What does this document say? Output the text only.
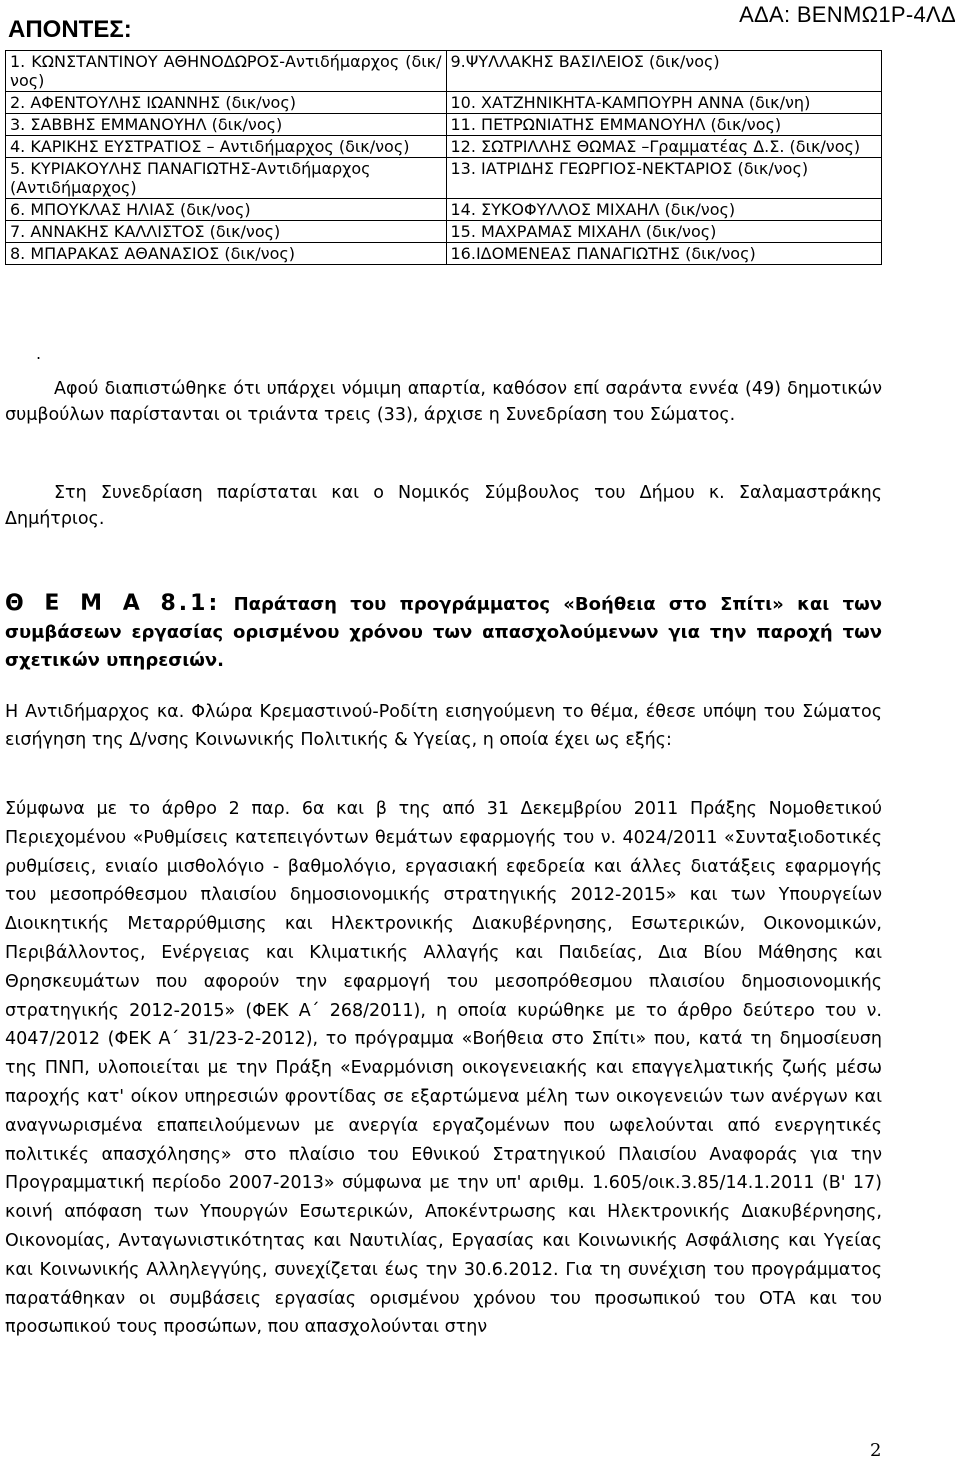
ΑΔΑ: ΒΕΝΜΩ1Ρ-4ΛΔ
ΑΠΟΝΤΕΣ:
1. ΚΩΝΣΤΑΝΤΙΝΟΥ ΑΘΗΝΟΔΩΡΟΣ-Αντιδήμαρχος (δικ/νος)	9.ΨΥΛΛΑΚΗΣ ΒΑΣΙΛΕΙΟΣ (δικ/νος)
2. ΑΦΕΝΤΟΥΛΗΣ ΙΩΑΝΝΗΣ (δικ/νος)	10. ΧΑΤΖΗΝΙΚΗΤΑ-ΚΑΜΠΟΥΡΗ ΑΝΝΑ (δικ/νη)
3. ΣΑΒΒΗΣ ΕΜΜΑΝΟΥΗΛ (δικ/νος)	11. ΠΕΤΡΩΝΙΑΤΗΣ ΕΜΜΑΝΟΥΗΛ (δικ/νος)
4. ΚΑΡΙΚΗΣ ΕΥΣΤΡΑΤΙΟΣ – Αντιδήμαρχος (δικ/νος)	12. ΣΩΤΡΙΛΛΗΣ ΘΩΜΑΣ –Γραμματέας Δ.Σ. (δικ/νος)
5. ΚΥΡΙΑΚΟΥΛΗΣ ΠΑΝΑΓΙΩΤΗΣ-Αντιδήμαρχος (Αντιδήμαρχος)	13. ΙΑΤΡΙΔΗΣ ΓΕΩΡΓΙΟΣ-ΝΕΚΤΑΡΙΟΣ (δικ/νος)
6. ΜΠΟΥΚΛΑΣ ΗΛΙΑΣ (δικ/νος)	14. ΣΥΚΟΦΥΛΛΟΣ ΜΙΧΑΗΛ (δικ/νος)
7. ΑΝΝΑΚΗΣ ΚΑΛΛΙΣΤΟΣ (δικ/νος)	15. ΜΑΧΡΑΜΑΣ ΜΙΧΑΗΛ (δικ/νος)
8. ΜΠΑΡΑΚΑΣ ΑΘΑΝΑΣΙΟΣ (δικ/νος)	16.ΙΔΟΜΕΝΕΑΣ ΠΑΝΑΓΙΩΤΗΣ (δικ/νος)
.
Αφού διαπιστώθηκε ότι υπάρχει νόμιμη απαρτία, καθόσον επί σαράντα εννέα (49) δημοτικών συμβούλων παρίστανται οι τριάντα τρεις (33), άρχισε η Συνεδρίαση του Σώματος.
Στη Συνεδρίαση παρίσταται και ο Νομικός Σύμβουλος του Δήμου κ. Σαλαμαστράκης Δημήτριος.
Θ Ε Μ Α 8.1: Παράταση του προγράμματος «Βοήθεια στο Σπίτι» και των συμβάσεων εργασίας ορισμένου χρόνου των απασχολούμενων για την παροχή των σχετικών υπηρεσιών.
Η Αντιδήμαρχος κα. Φλώρα Κρεμαστινού-Ροδίτη εισηγούμενη το θέμα, έθεσε υπόψη του Σώματος εισήγηση της Δ/νσης Κοινωνικής Πολιτικής & Υγείας, η οποία έχει ως εξής:
Σύμφωνα με το άρθρο 2 παρ. 6α και β της από 31 Δεκεμβρίου 2011 Πράξης Νομοθετικού Περιεχομένου «Ρυθμίσεις κατεπειγόντων θεμάτων εφαρμογής του ν. 4024/2011 «Συνταξιοδοτικές ρυθμίσεις, ενιαίο μισθολόγιο - βαθμολόγιο, εργασιακή εφεδρεία και άλλες διατάξεις εφαρμογής του μεσοπρόθεσμου πλαισίου δημοσιονομικής στρατηγικής 2012-2015» και των Υπουργείων Διοικητικής Μεταρρύθμισης και Ηλεκτρονικής Διακυβέρνησης, Εσωτερικών, Οικονομικών, Περιβάλλοντος, Ενέργειας και Κλιματικής Αλλαγής και Παιδείας, Δια Βίου Μάθησης και Θρησκευμάτων που αφορούν την εφαρμογή του μεσοπρόθεσμου πλαισίου δημοσιονομικής στρατηγικής 2012-2015» (ΦΕΚ Α΄ 268/2011), η οποία κυρώθηκε με το άρθρο δεύτερο του ν. 4047/2012 (ΦΕΚ Α΄ 31/23-2-2012), το πρόγραμμα «Βοήθεια στο Σπίτι» που, κατά τη δημοσίευση της ΠΝΠ, υλοποιείται με την Πράξη «Εναρμόνιση οικογενειακής και επαγγελματικής ζωής μέσω παροχής κατ' οίκον υπηρεσιών φροντίδας σε εξαρτώμενα μέλη των οικογενειών των ανέργων και αναγνωρισμένα επαπειλούμενων με ανεργία εργαζομένων που ωφελούνται από ενεργητικές πολιτικές απασχόλησης» στο πλαίσιο του Εθνικού Στρατηγικού Πλαισίου Αναφοράς για την Προγραμματική περίοδο 2007-2013» σύμφωνα με την υπ' αριθμ. 1.605/οικ.3.85/14.1.2011 (Β' 17) κοινή απόφαση των Υπουργών Εσωτερικών, Αποκέντρωσης και Ηλεκτρονικής Διακυβέρνησης, Οικονομίας, Ανταγωνιστικότητας και Ναυτιλίας, Εργασίας και Κοινωνικής Ασφάλισης και Υγείας και Κοινωνικής Αλληλεγγύης, συνεχίζεται έως την 30.6.2012. Για τη συνέχιση του προγράμματος παρατάθηκαν οι συμβάσεις εργασίας ορισμένου χρόνου του προσωπικού του ΟΤΑ και του προσωπικού τους προσώπων, που απασχολούνται στην
2
